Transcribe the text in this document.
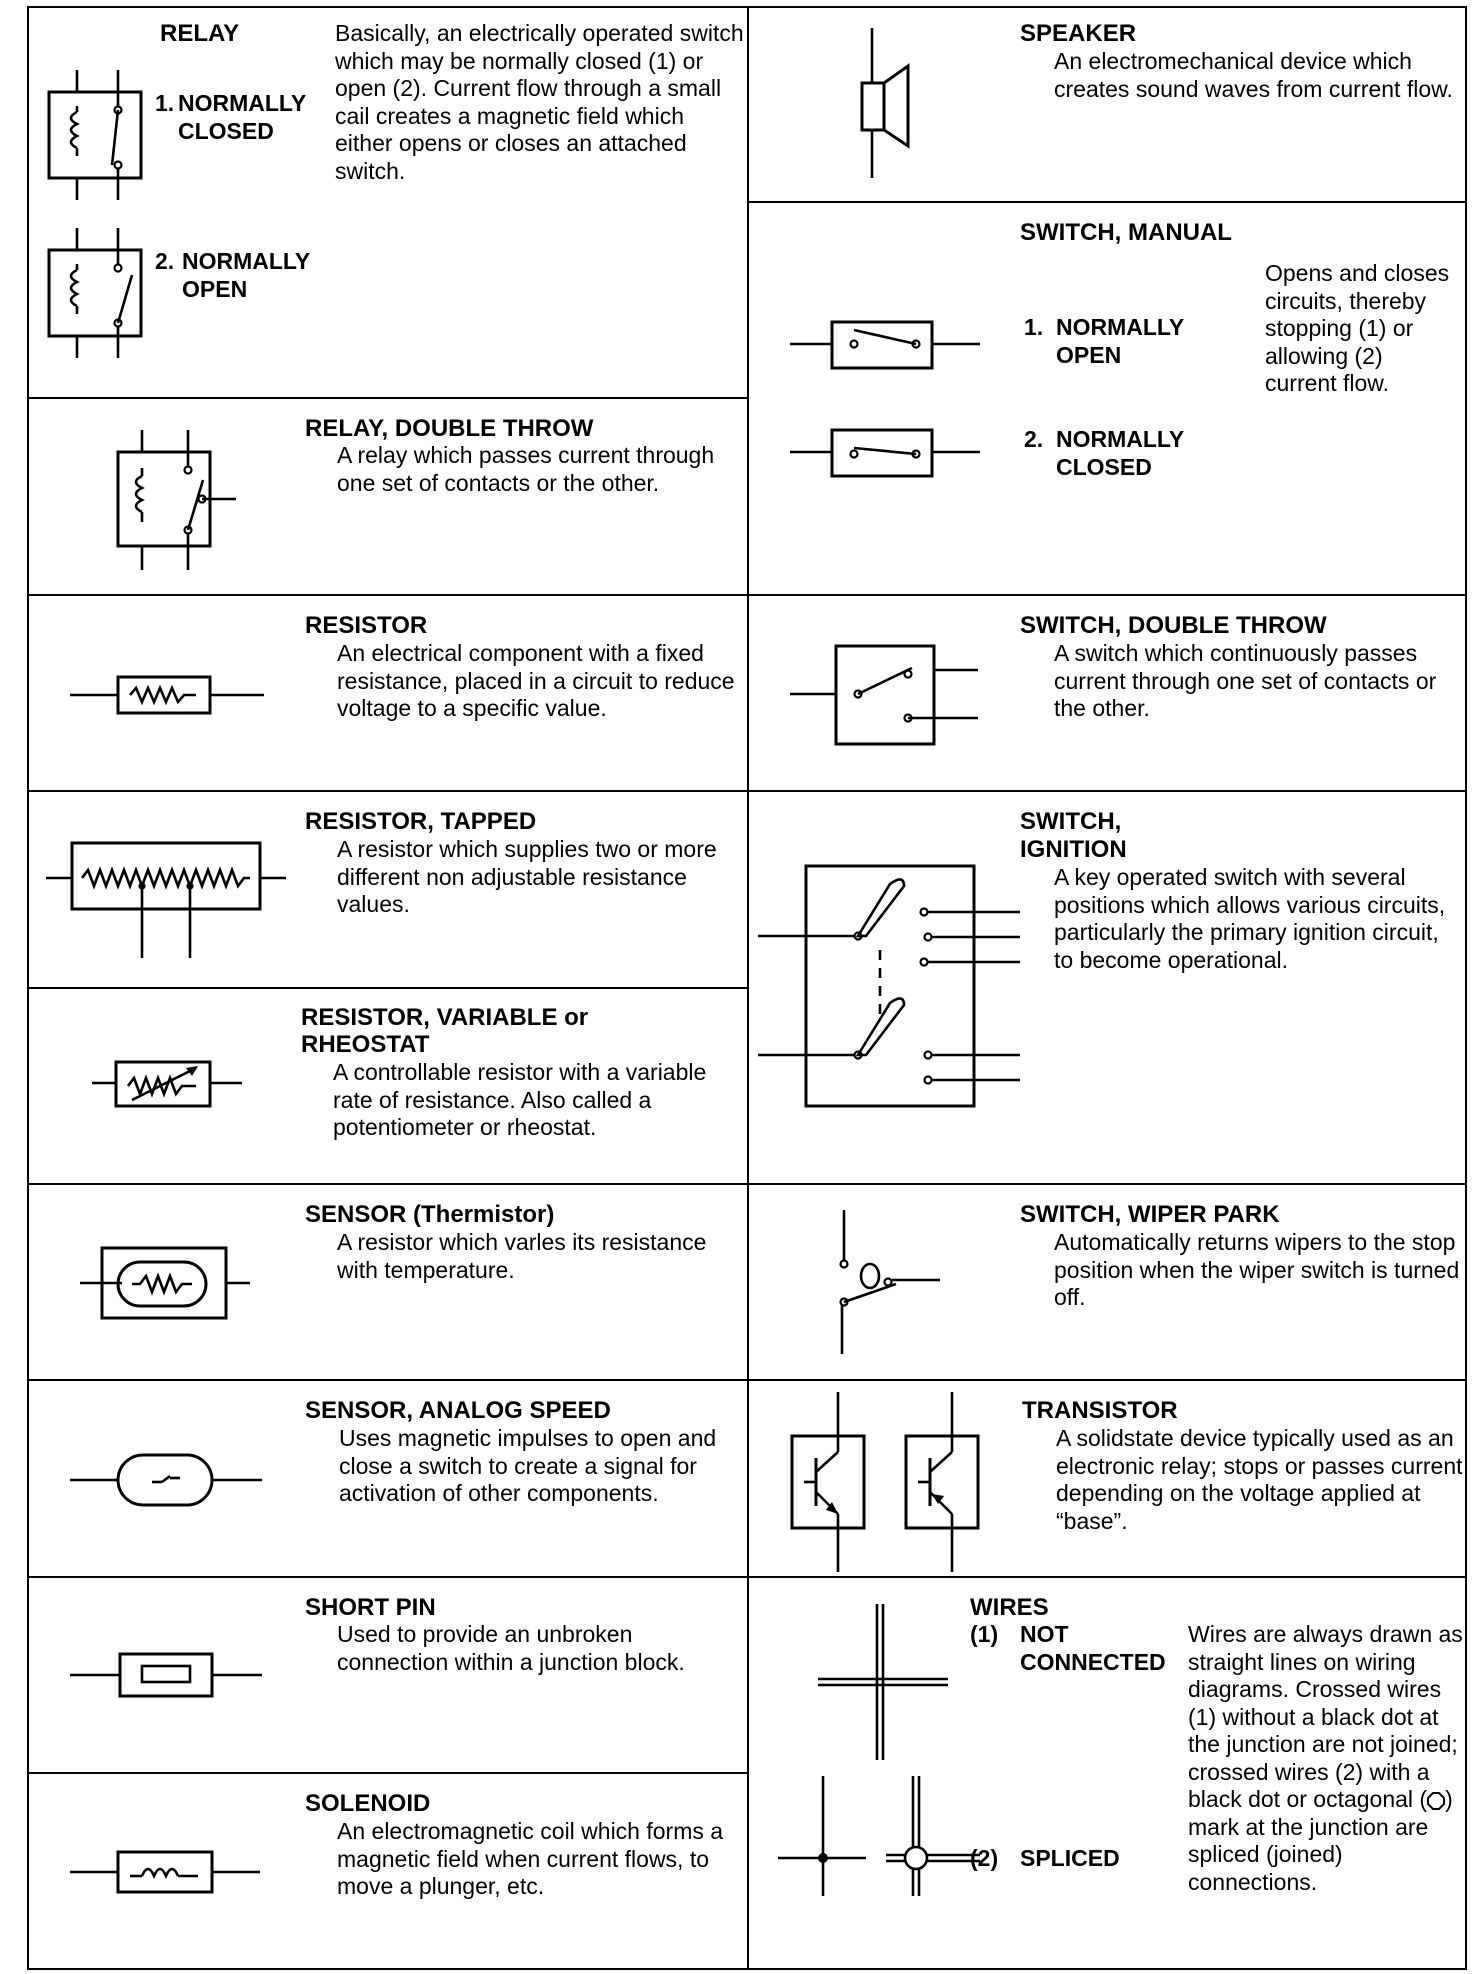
RELAY	Basically, an electrically operated switch which may be normally closed (1) or open (2). Current flow through a small cail creates a magnetic field which either opens or closes an attached switch.
1. NORMALLY CLOSED
2. NORMALLY OPEN
RELAY, DOUBLE THROW
A relay which passes current through one set of contacts or the other.
RESISTOR
An electrical component with a fixed resistance, placed in a circuit to reduce voltage to a specific value.
RESISTOR, TAPPED
A resistor which supplies two or more different non adjustable resistance values.
RESISTOR, VARIABLE or
RHEOSTAT
A controllable resistor with a variable rate of resistance. Also called a potentiometer or rheostat.
SENSOR (Thermistor)
A resistor which varles its resistance with temperature.
SENSOR, ANALOG SPEED
Uses magnetic impulses to open and close a switch to create a signal for activation of other components.
SHORT PIN
Used to provide an unbroken connection within a junction block.
SOLENOID
An electromagnetic coil which forms a magnetic field when current flows, to move a plunger, etc.
SPEAKER
An electromechanical device which creates sound waves from current flow.
SWITCH, MANUAL
Opens and closes circuits, thereby stopping (1) or allowing (2) current flow.
1. NORMALLY OPEN
2. NORMALLY CLOSED
SWITCH, DOUBLE THROW
A switch which continuously passes current through one set of contacts or the other.
SWITCH,
IGNITION
A key operated switch with several positions which allows various circuits, particularly the primary ignition circuit, to become operational.
SWITCH, WIPER PARK
Automatically returns wipers to the stop position when the wiper switch is turned off.
TRANSISTOR
A solidstate device typically used as an electronic relay; stops or passes current depending on the voltage applied at “base”.
WIRES
(1) NOT
CONNECTED
(2) SPLICED
Wires are always drawn as straight lines on wiring diagrams. Crossed wires (1) without a black dot at the junction are not joined; crossed wires (2) with a black dot or octagonal ( ) mark at the junction are spliced (joined) connections.
